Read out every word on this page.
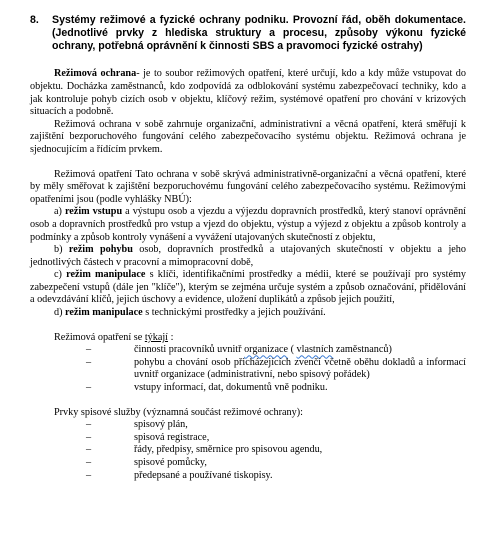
8.	Systémy režimové a fyzické ochrany podniku. Provozní řád, oběh dokumentace. (Jednotlivé prvky z hlediska struktury a procesu, způsoby výkonu fyzické ochrany, potřebná oprávnění k činnosti SBS a pravomoci fyzické ostrahy)

Režimová ochrana- je to soubor režimových opatření, které určují, kdo a kdy může vstupovat do objektu. Docházka zaměstnanců, kdo zodpovídá za odblokování systému zabezpečovací techniky, kdo a jak kontroluje pohyb cizích osob v objektu, klíčový režim, systémové opatření pro chování v krizových situacích a podobně.

Režimová ochrana v sobě zahrnuje organizační, administrativní a věcná opatření, která směřují k zajištění bezporuchového fungování celého zabezpečovacího systému objektu. Režimová ochrana je sjednocujícím a řídícím prvkem.

Režimová opatření Tato ochrana v sobě skrývá administrativně-organizační a věcná opatření, které by měly směřovat k zajištění bezporuchovému fungování celého zabezpečovacího systému. Režimovými opatřeními jsou (podle vyhlášky NBÚ):

a) režim vstupu a výstupu osob a vjezdu a výjezdu dopravních prostředků, který stanoví oprávnění osob a dopravních prostředků pro vstup a vjezd do objektu, výstup a výjezd z objektu a způsob kontroly a podmínky a způsob kontroly vynášení a vyvážení utajovaných skutečností z objektu,

b) režim pohybu osob, dopravních prostředků a utajovaných skutečností v objektu a jeho jednotlivých částech v pracovní a mimopracovní době,

c) režim manipulace s klíči, identifikačními prostředky a médii, které se používají pro systémy zabezpečení vstupů (dále jen "klíče"), kterým se zejména určuje systém a způsob označování, přidělování a odevzdávání klíčů, jejich úschovy a evidence, uložení duplikátů a způsob jejich použití,

d) režim manipulace s technickými prostředky a jejich používání.

Režimová opatření se týkají :

–	činnosti pracovníků uvnitř organizace ( vlastních zaměstnanců)
–	pohybu a chování osob přicházejících zvenčí včetně oběhu dokladů a informací uvnitř organizace (administrativní, nebo spisový pořádek)
–	vstupy informací, dat, dokumentů vně podniku.

Prvky spisové služby (významná součást režimové ochrany):

–	spisový plán,
–	spisová registrace,
–	řády, předpisy, směrnice pro spisovou agendu,
–	spisové pomůcky,
–	předepsané a používané tiskopisy.
